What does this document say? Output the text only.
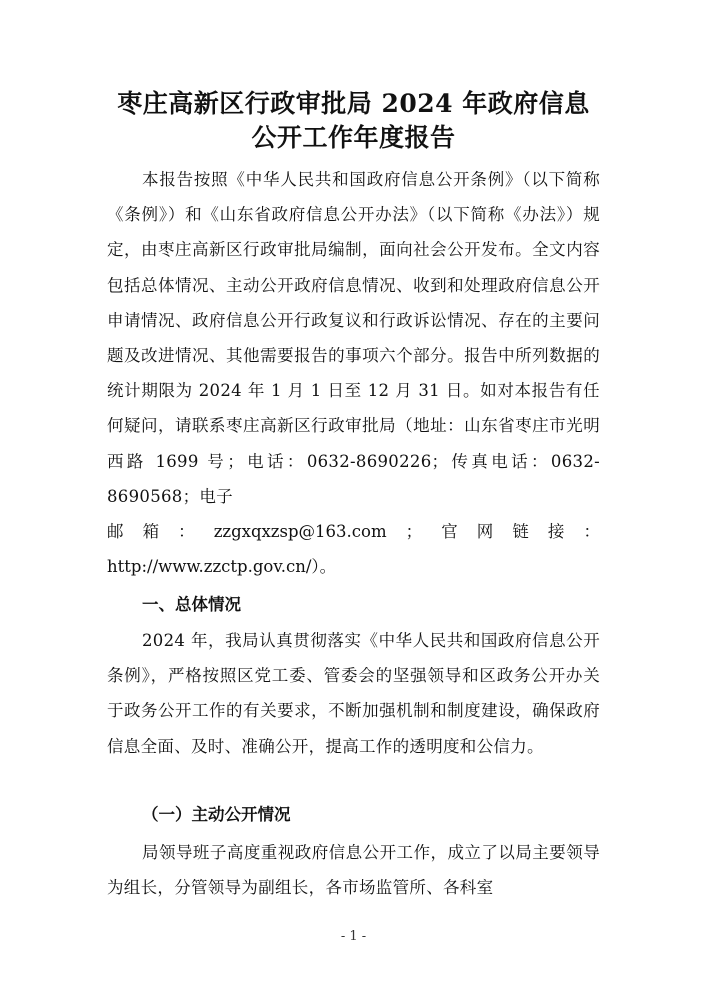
枣庄高新区行政审批局 2024 年政府信息
公开工作年度报告

本报告按照《中华人民共和国政府信息公开条例》（以下简称《条例》）和《山东省政府信息公开办法》（以下简称《办法》）规定，由枣庄高新区行政审批局编制，面向社会公开发布。全文内容包括总体情况、主动公开政府信息情况、收到和处理政府信息公开申请情况、政府信息公开行政复议和行政诉讼情况、存在的主要问题及改进情况、其他需要报告的事项六个部分。报告中所列数据的统计期限为 2024 年 1 月 1 日至 12 月 31 日。如对本报告有任何疑问，请联系枣庄高新区行政审批局（地址：山东省枣庄市光明西路 1699 号；电话：0632-8690226；传真电话：0632-8690568；电子

邮 箱 ： zzgxqxzsp@163.com ； 官 网 链 接 ：
http://www.zzctp.gov.cn/）。
一、总体情况

2024 年，我局认真贯彻落实《中华人民共和国政府信息公开条例》，严格按照区党工委、管委会的坚强领导和区政务公开办关于政务公开工作的有关要求，不断加强机制和制度建设，确保政府信息全面、及时、准确公开，提高工作的透明度和公信力。

（一）主动公开情况

局领导班子高度重视政府信息公开工作，成立了以局主要领导为组长，分管领导为副组长，各市场监管所、各科室

- 1 -
